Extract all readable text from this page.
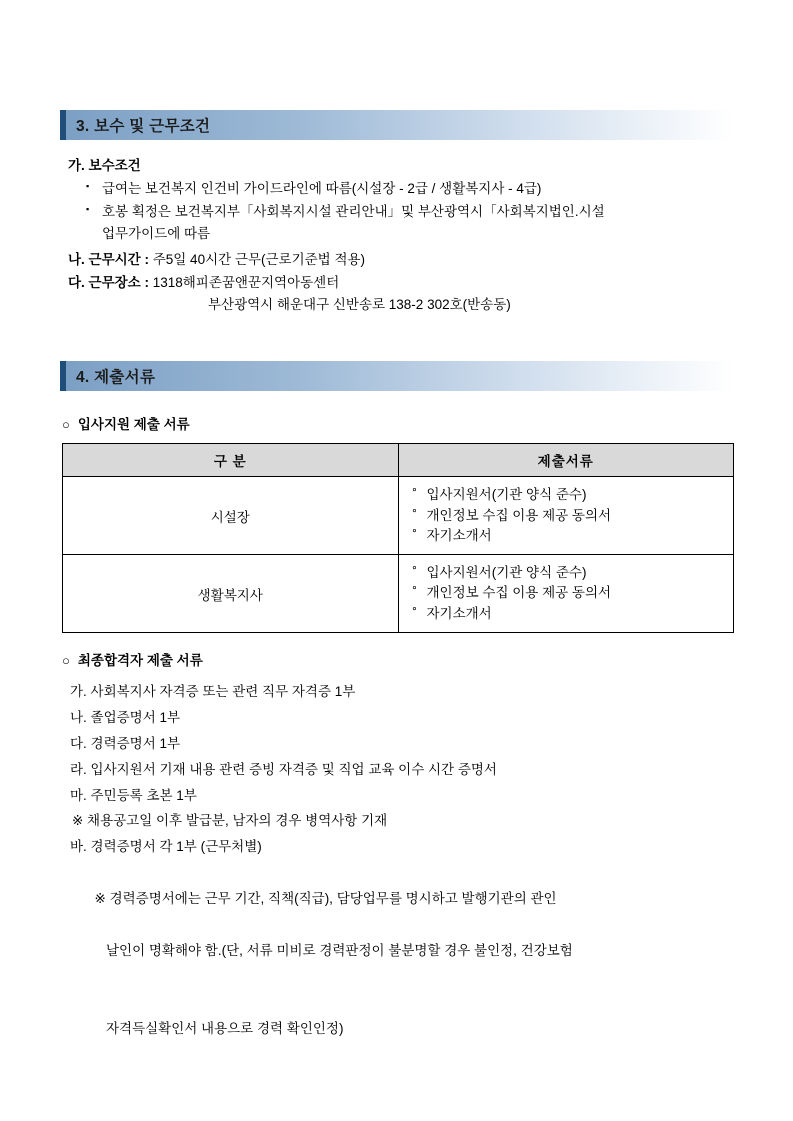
3. 보수 및 근무조건
가. 보수조건
▪ 급여는 보건복지 인건비 가이드라인에 따름(시설장 - 2급 / 생활복지사 - 4급)
▪ 호봉 획정은 보건복지부「사회복지시설 관리안내」및 부산광역시「사회복지법인.시설
업무가이드에 따름
나. 근무시간 : 주5일 40시간 근무(근로기준법 적용)
다. 근무장소 : 1318해피존꿈앤꾼지역아동센터
부산광역시 해운대구 신반송로 138-2 302호(반송동)
4. 제출서류
○ 입사지원 제출 서류
구 분	제출서류
시설장	˚ 입사지원서(기관 양식 준수)
˚ 개인정보 수집 이용 제공 동의서
˚ 자기소개서

생활복지사	˚ 입사지원서(기관 양식 준수)
˚ 개인정보 수집 이용 제공 동의서
˚ 자기소개서
○ 최종합격자 제출 서류
가. 사회복지사 자격증 또는 관련 직무 자격증 1부
나. 졸업증명서 1부
다. 경력증명서 1부
라. 입사지원서 기재 내용 관련 증빙 자격증 및 직업 교육 이수 시간 증명서
마. 주민등록 초본 1부
※ 채용공고일 이후 발급분, 남자의 경우 병역사항 기재
바. 경력증명서 각 1부 (근무처별)

※ 경력증명서에는 근무 기간, 직책(직급), 담당업무를 명시하고 발행기관의 관인

날인이 명확해야 함.(단, 서류 미비로 경력판정이 불분명할 경우 불인정, 건강보험

자격득실확인서 내용으로 경력 확인인정)
